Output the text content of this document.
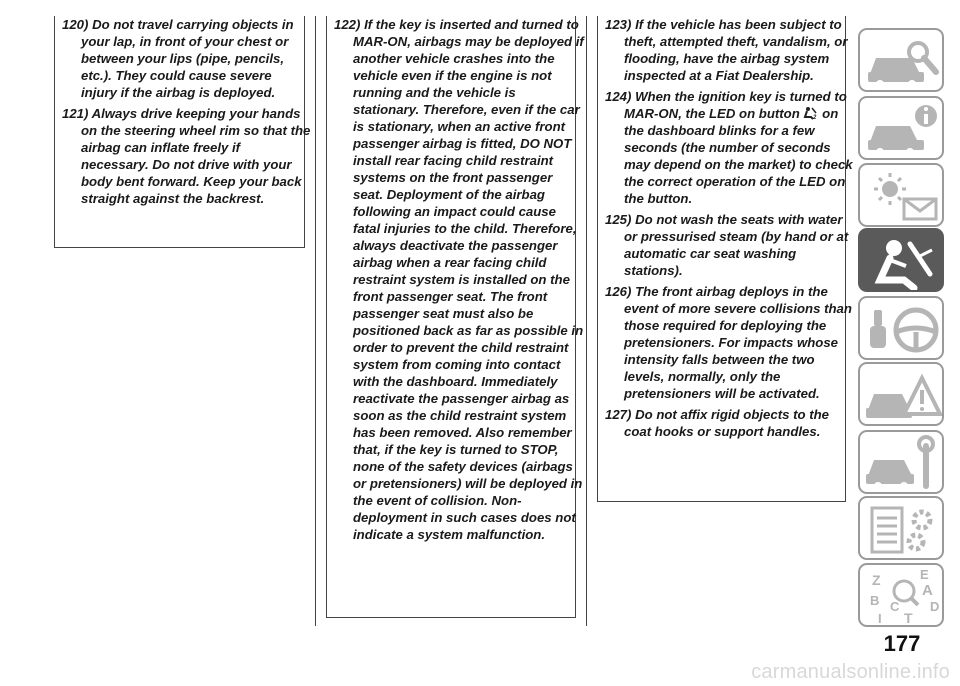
120) Do not travel carrying objects in your lap, in front of your chest or between your lips (pipe, pencils, etc.). They could cause severe injury if the airbag is deployed.

121) Always drive keeping your hands on the steering wheel rim so that the airbag can inflate freely if necessary. Do not drive with your body bent forward. Keep your back straight against the backrest.

122) If the key is inserted and turned to MAR-ON, airbags may be deployed if another vehicle crashes into the vehicle even if the engine is not running and the vehicle is stationary. Therefore, even if the car is stationary, when an active front passenger airbag is fitted, DO NOT install rear facing child restraint systems on the front passenger seat. Deployment of the airbag following an impact could cause fatal injuries to the child. Therefore, always deactivate the passenger airbag when a rear facing child restraint system is installed on the front passenger seat. The front passenger seat must also be positioned back as far as possible in order to prevent the child restraint system from coming into contact with the dashboard. Immediately reactivate the passenger airbag as soon as the child restraint system has been removed. Also remember that, if the key is turned to STOP, none of the safety devices (airbags or pretensioners) will be deployed in the event of collision. Non-deployment in such cases does not indicate a system malfunction.

123) If the vehicle has been subject to theft, attempted theft, vandalism, or flooding, have the airbag system inspected at a Fiat Dealership.

124) When the ignition key is turned to MAR-ON, the LED on button 2 on the dashboard blinks for a few seconds (the number of seconds may depend on the market) to check the correct operation of the LED on the button.

125) Do not wash the seats with water or pressurised steam (by hand or at automatic car seat washing stations).

126) The front airbag deploys in the event of more severe collisions than those required for deploying the pretensioners. For impacts whose intensity falls between the two levels, normally, only the pretensioners will be activated.

127) Do not affix rigid objects to the coat hooks or support handles.

Z	E
A
B C D
I T
177
carmanualsonline.info
